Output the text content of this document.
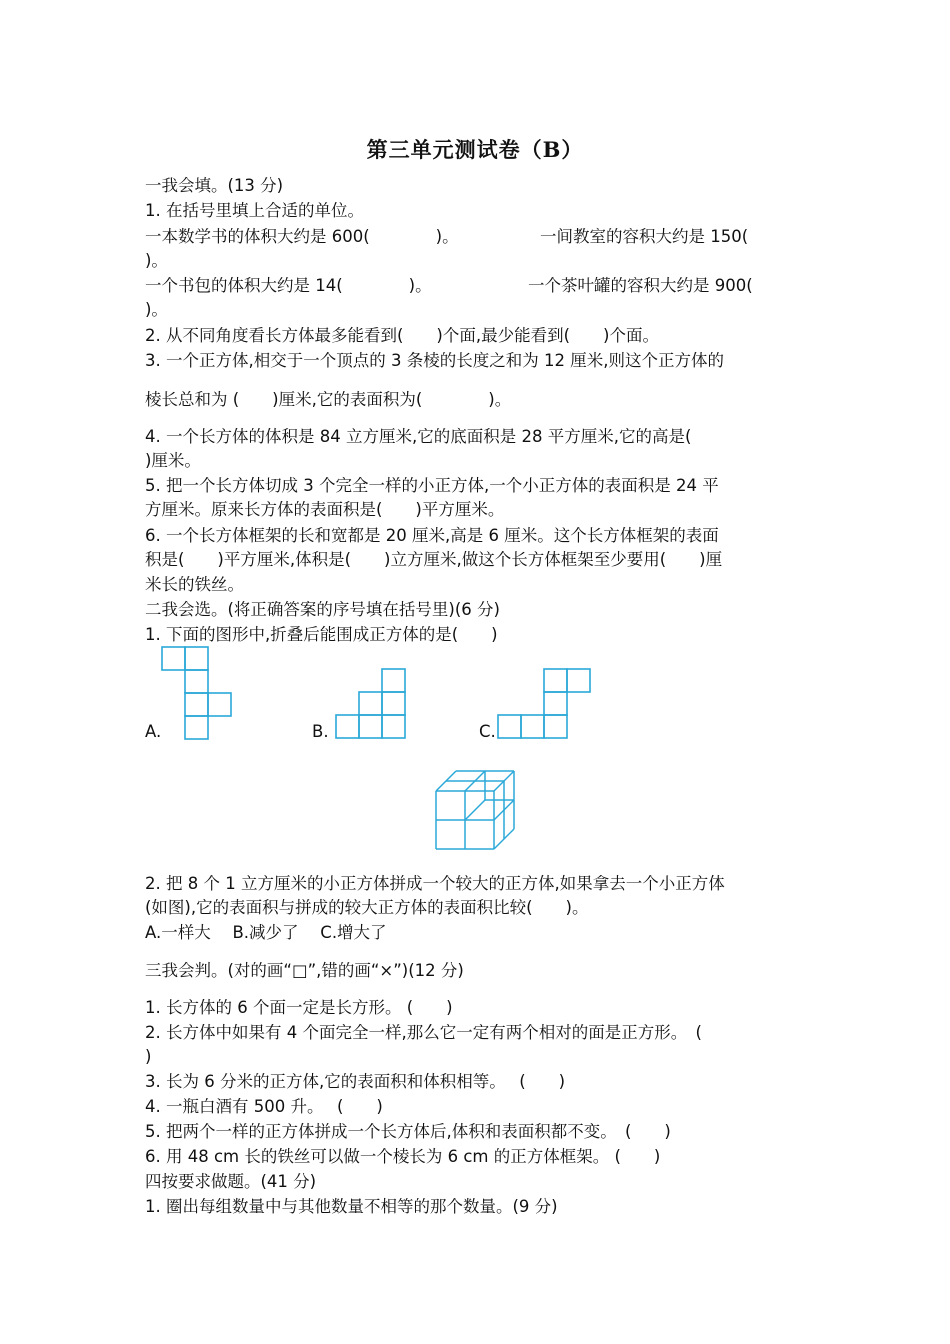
第三单元测试卷（B）
一我会填。(13 分)
1. 在括号里填上合适的单位。
一本数学书的体积大约是 600(　　　　)。	一间教室的容积大约是 150(
)。
一个书包的体积大约是 14(　　　　)。	一个茶叶罐的容积大约是 900(
)。
2. 从不同角度看长方体最多能看到(　　)个面,最少能看到(　　)个面。
3. 一个正方体,相交于一个顶点的 3 条棱的长度之和为 12 厘米,则这个正方体的
棱长总和为 (　　)厘米,它的表面积为(　　　　)。
4. 一个长方体的体积是 84 立方厘米,它的底面积是 28 平方厘米,它的高是(
)厘米。
5. 把一个长方体切成 3 个完全一样的小正方体,一个小正方体的表面积是 24 平
方厘米。原来长方体的表面积是(　　)平方厘米。
6. 一个长方体框架的长和宽都是 20 厘米,高是 6 厘米。这个长方体框架的表面
积是(　　)平方厘米,体积是(　　)立方厘米,做这个长方体框架至少要用(　　)厘
米长的铁丝。
二我会选。(将正确答案的序号填在括号里)(6 分)
1. 下面的图形中,折叠后能围成正方体的是(　　)
A.	B.	C.
2. 把 8 个 1 立方厘米的小正方体拼成一个较大的正方体,如果拿去一个小正方体
(如图),它的表面积与拼成的较大正方体的表面积比较(　　)。
A.一样大　 B.减少了　 C.增大了
三我会判。(对的画“□”,错的画“×”)(12 分)
1. 长方体的 6 个面一定是长方形。 (　　)
2. 长方体中如果有 4 个面完全一样,那么它一定有两个相对的面是正方形。　(
)
3. 长为 6 分米的正方体,它的表面积和体积相等。　 (　　)
4. 一瓶白酒有 500 升。　 (　　)
5. 把两个一样的正方体拼成一个长方体后,体积和表面积都不变。　(　　)
6. 用 48 cm 长的铁丝可以做一个棱长为 6 cm 的正方体框架。 (　　)
四按要求做题。(41 分)
1. 圈出每组数量中与其他数量不相等的那个数量。(9 分)
